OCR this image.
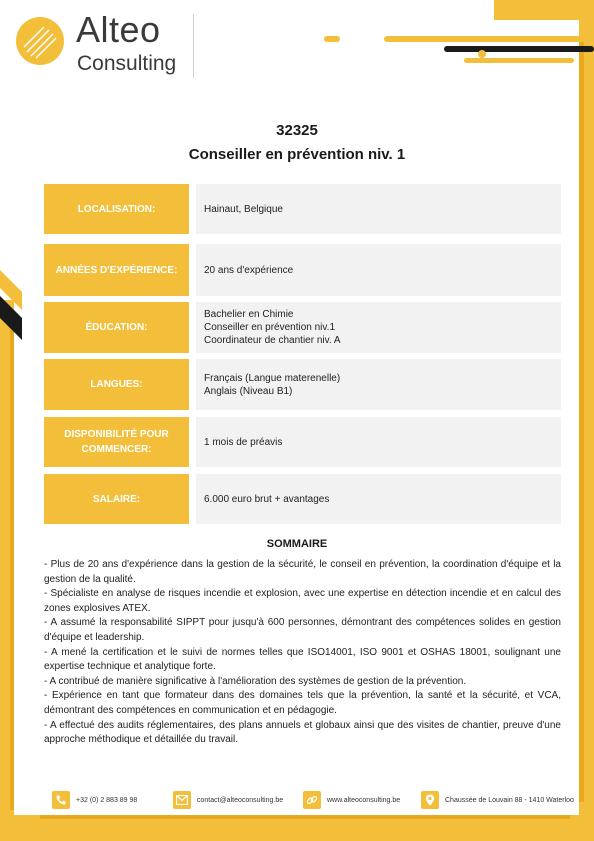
Alteo
Consulting
32325
Conseiller en prévention niv. 1
LOCALISATION:	Hainaut, Belgique
ANNÉES D'EXPÉRIENCE:	20 ans d'expérience
ÉDUCATION:
Bachelier en Chimie
Conseiller en prévention niv.1
Coordinateur de chantier niv. A
LANGUES:
Français (Langue materenelle)
Anglais (Niveau B1)
DISPONIBILITÉ POUR COMMENCER:
1 mois de préavis
SALAIRE:	6.000 euro brut + avantages
SOMMAIRE

- Plus de 20 ans d'expérience dans la gestion de la sécurité, le conseil en prévention, la coordination d'équipe et la gestion de la qualité.

- Spécialiste en analyse de risques incendie et explosion, avec une expertise en détection incendie et en calcul des zones explosives ATEX.

- A assumé la responsabilité SIPPT pour jusqu'à 600 personnes, démontrant des compétences solides en gestion d'équipe et leadership.

- A mené la certification et le suivi de normes telles que ISO14001, ISO 9001 et OSHAS 18001, soulignant une expertise technique et analytique forte.

- A contribué de manière significative à l'amélioration des systèmes de gestion de la prévention.

- Expérience en tant que formateur dans des domaines tels que la prévention, la santé et la sécurité, et VCA, démontrant des compétences en communication et en pédagogie.

- A effectué des audits réglementaires, des plans annuels et globaux ainsi que des visites de chantier, preuve d'une approche méthodique et détaillée du travail.

+32 (0) 2 883 89 98	contact@alteoconsulting.be	www.alteoconsulting.be	Chaussée de Louvain 88 - 1410 Waterloo
